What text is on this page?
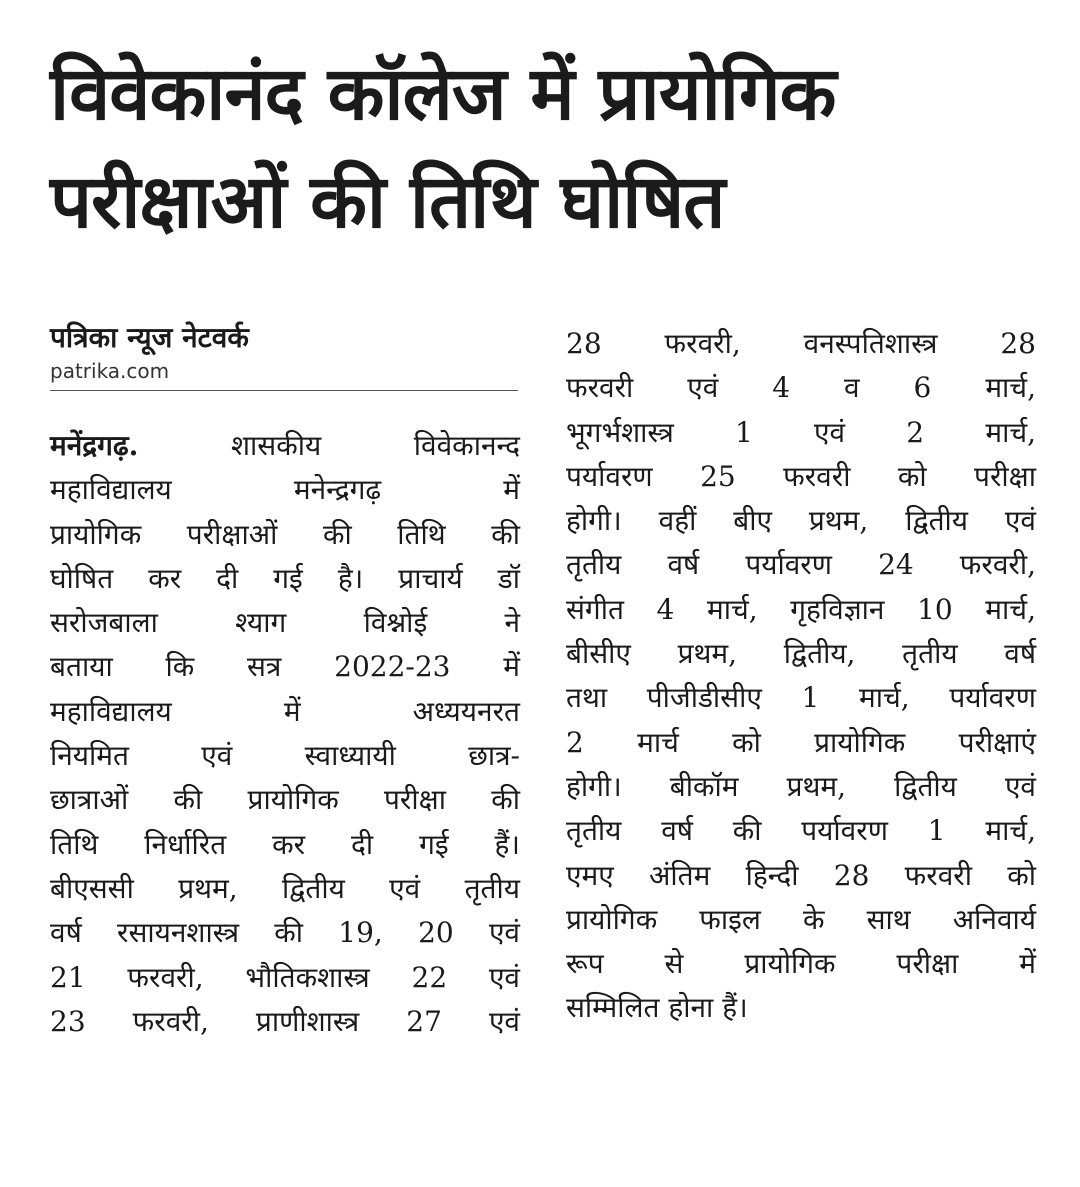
विवेकानंद कॉलेज में प्रायोगिक
परीक्षाओं की तिथि घोषित
पत्रिका न्यूज नेटवर्क
patrika.com
मनेंद्रगढ़.	शासकीय विवेकानन्द
महाविद्यालय मनेन्द्रगढ़ में
प्रायोगिक परीक्षाओं की तिथि की
घोषित कर दी गई है। प्राचार्य डॉ
सरोजबाला श्याग विश्नोई ने
बताया कि सत्र 2022-23 में
महाविद्यालय में अध्ययनरत
नियमित एवं स्वाध्यायी छात्र-
छात्राओं की प्रायोगिक परीक्षा की
तिथि निर्धारित कर दी गई हैं।
बीएससी प्रथम, द्वितीय एवं तृतीय
वर्ष रसायनशास्त्र की 19, 20 एवं
21 फरवरी, भौतिकशास्त्र 22 एवं
23 फरवरी, प्राणीशास्त्र 27 एवं
28 फरवरी, वनस्पतिशास्त्र 28
फरवरी एवं 4 व 6 मार्च,
भूगर्भशास्त्र 1 एवं 2 मार्च,
पर्यावरण 25 फरवरी को परीक्षा
होगी। वहीं बीए प्रथम, द्वितीय एवं
तृतीय वर्ष पर्यावरण 24 फरवरी,
संगीत 4 मार्च, गृहविज्ञान 10 मार्च,
बीसीए प्रथम, द्वितीय, तृतीय वर्ष
तथा पीजीडीसीए 1 मार्च, पर्यावरण
2 मार्च को प्रायोगिक परीक्षाएं
होगी। बीकॉम प्रथम, द्वितीय एवं
तृतीय वर्ष की पर्यावरण 1 मार्च,
एमए अंतिम हिन्दी 28 फरवरी को
प्रायोगिक फाइल के साथ अनिवार्य
रूप से प्रायोगिक परीक्षा में
सम्मिलित होना हैं।
